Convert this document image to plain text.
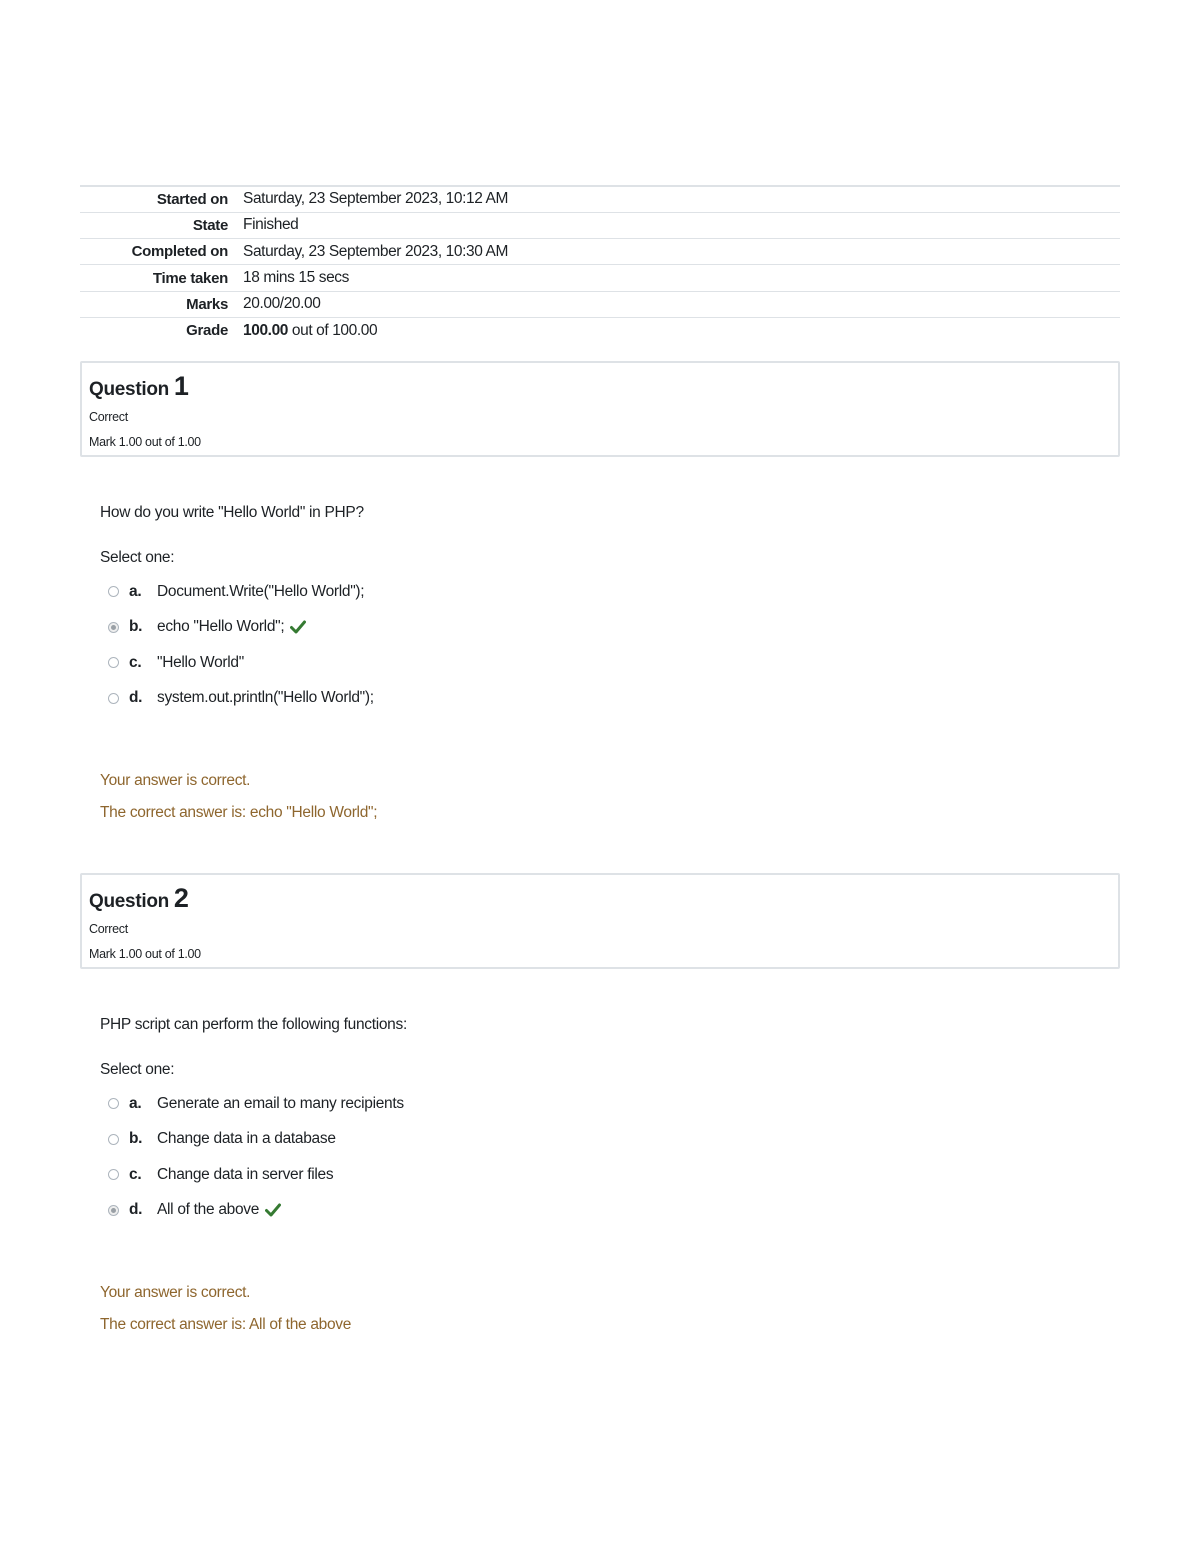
Started on	Saturday, 23 September 2023, 10:12 AM
State	Finished
Completed on	Saturday, 23 September 2023, 10:30 AM
Time taken	18 mins 15 secs
Marks	20.00/20.00
Grade	100.00 out of 100.00
Question 1
Correct
Mark 1.00 out of 1.00
How do you write "Hello World" in PHP?
Select one:
a.	Document.Write("Hello World");
b. echo "Hello World";
c.	"Hello World"
d. system.out.println("Hello World");
Your answer is correct.
The correct answer is: echo "Hello World";
Question 2
Correct
Mark 1.00 out of 1.00
PHP script can perform the following functions:
Select one:
a.	Generate an email to many recipients
b. Change data in a database
c.	Change data in server files
d. All of the above
Your answer is correct.
The correct answer is: All of the above
